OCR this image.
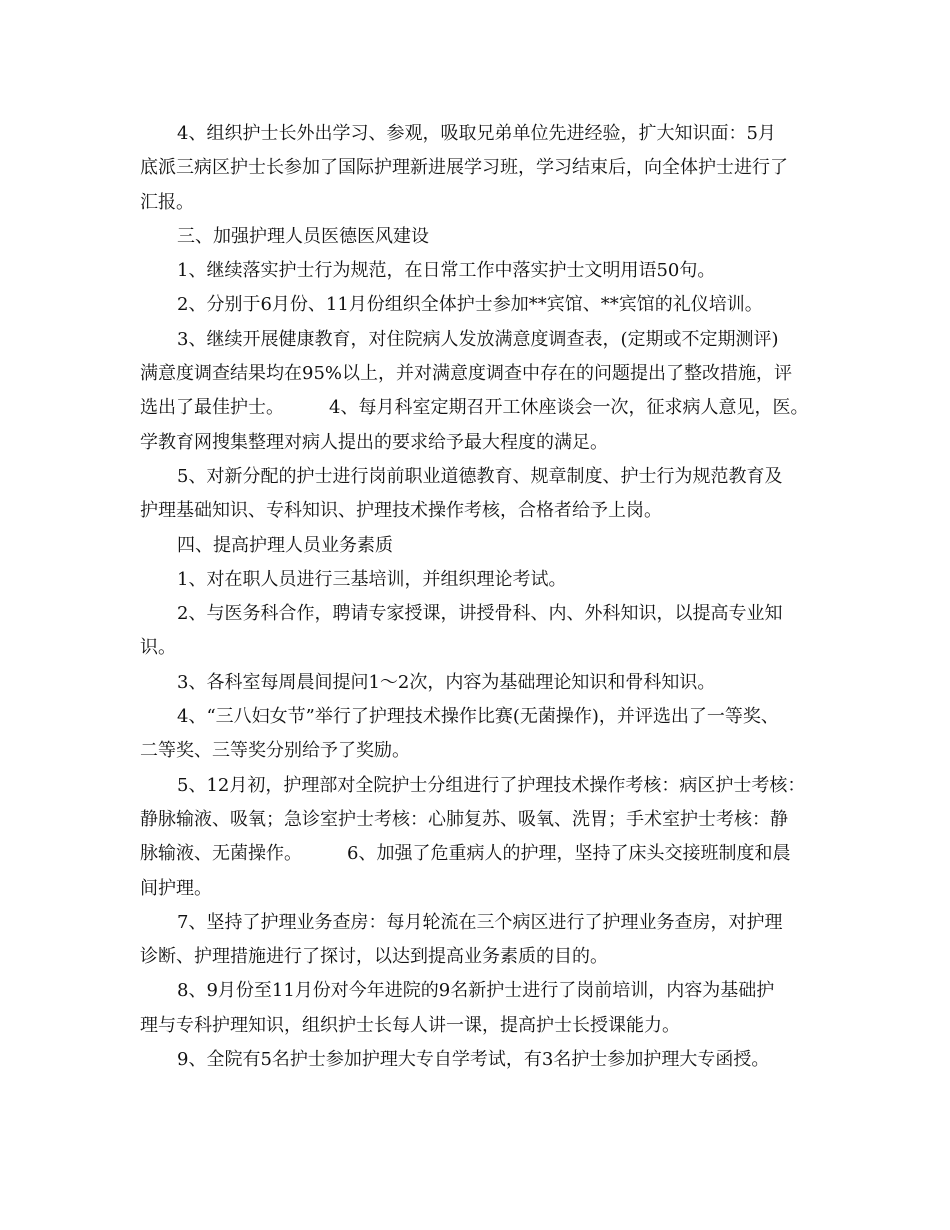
4、组织护士长外出学习、参观，吸取兄弟单位先进经验，扩大知识面：5月
底派三病区护士长参加了国际护理新进展学习班，学习结束后，向全体护士进行了
汇报。
三、加强护理人员医德医风建设
1、继续落实护士行为规范，在日常工作中落实护士文明用语50句。
2、分别于6月份、11月份组织全体护士参加**宾馆、**宾馆的礼仪培训。
3、继续开展健康教育，对住院病人发放满意度调查表，(定期或不定期测评)
满意度调查结果均在95%以上，并对满意度调查中存在的问题提出了整改措施，评
选出了最佳护士。　　　4、每月科室定期召开工休座谈会一次，征求病人意见，医。
学教育网搜集整理对病人提出的要求给予最大程度的满足。
5、对新分配的护士进行岗前职业道德教育、规章制度、护士行为规范教育及
护理基础知识、专科知识、护理技术操作考核，合格者给予上岗。
四、提高护理人员业务素质
1、对在职人员进行三基培训，并组织理论考试。
2、与医务科合作，聘请专家授课，讲授骨科、内、外科知识，以提高专业知
识。
3、各科室每周晨间提问1～2次，内容为基础理论知识和骨科知识。
4、“三八妇女节”举行了护理技术操作比赛(无菌操作)，并评选出了一等奖、
二等奖、三等奖分别给予了奖励。
5、12月初，护理部对全院护士分组进行了护理技术操作考核：病区护士考核：
静脉输液、吸氧；急诊室护士考核：心肺复苏、吸氧、洗胃；手术室护士考核：静
脉输液、无菌操作。　　　6、加强了危重病人的护理，坚持了床头交接班制度和晨
间护理。
7、坚持了护理业务查房：每月轮流在三个病区进行了护理业务查房，对护理
诊断、护理措施进行了探讨，以达到提高业务素质的目的。
8、9月份至11月份对今年进院的9名新护士进行了岗前培训，内容为基础护
理与专科护理知识，组织护士长每人讲一课，提高护士长授课能力。
9、全院有5名护士参加护理大专自学考试，有3名护士参加护理大专函授。
